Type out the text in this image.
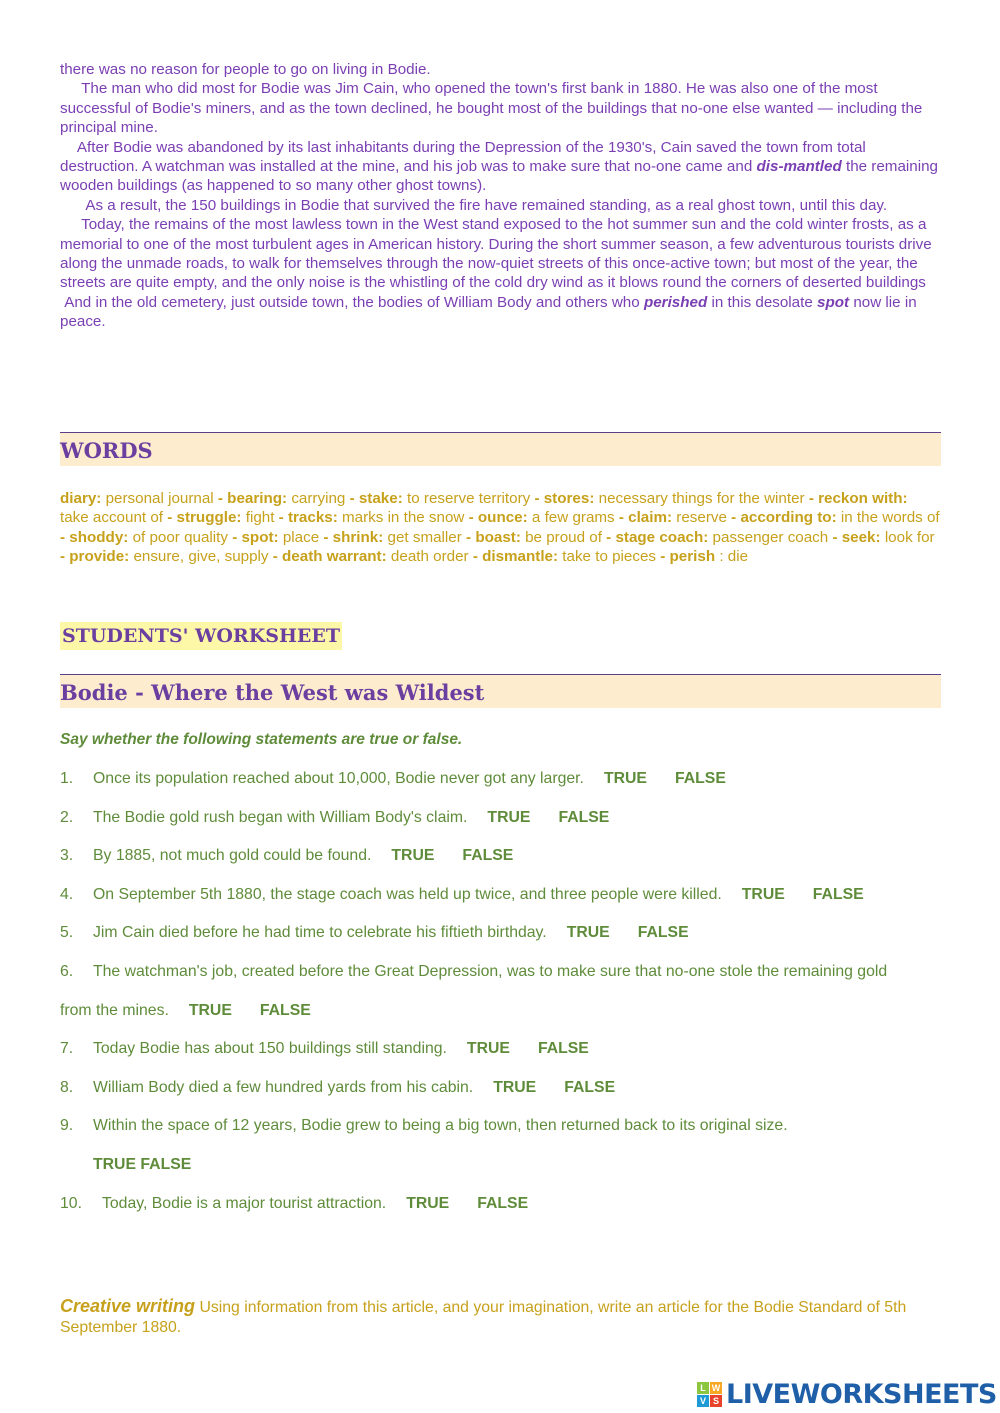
there was no reason for people to go on living in Bodie.

The man who did most for Bodie was Jim Cain, who opened the town's first bank in 1880. He was also one of the most successful of Bodie's miners, and as the town declined, he bought most of the buildings that no-one else wanted — including the principal mine.

After Bodie was abandoned by its last inhabitants during the Depression of the 1930's, Cain saved the town from total destruction. A watchman was installed at the mine, and his job was to make sure that no-one came and dis-mantled the remaining wooden buildings (as happened to so many other ghost towns).

As a result, the 150 buildings in Bodie that survived the fire have remained standing, as a real ghost town, until this day.

Today, the remains of the most lawless town in the West stand exposed to the hot summer sun and the cold winter frosts, as a memorial to one of the most turbulent ages in American history. During the short summer season, a few adventurous tourists drive along the unmade roads, to walk for themselves through the now-quiet streets of this once-active town; but most of the year, the streets are quite empty, and the only noise is the whistling of the cold dry wind as it blows round the corners of deserted buildings

And in the old cemetery, just outside town, the bodies of William Body and others who perished in this desolate spot now lie in peace.

WORDS
diary: personal journal - bearing: carrying - stake: to reserve territory - stores: necessary things for the winter - reckon with: take account of - struggle: fight - tracks: marks in the snow - ounce: a few grams - claim: reserve - according to: in the words of - shoddy: of poor quality - spot: place - shrink: get smaller - boast: be proud of - stage coach: passenger coach - seek: look for - provide: ensure, give, supply - death warrant: death order - dismantle: take to pieces - perish : die
STUDENTS' WORKSHEET
Bodie - Where the West was Wildest
Say whether the following statements are true or false.
1. Once its population reached about 10,000, Bodie never got any larger. TRUE FALSE
2. The Bodie gold rush began with William Body's claim. TRUE FALSE
3. By 1885, not much gold could be found. TRUE FALSE
4. On September 5th 1880, the stage coach was held up twice, and three people were killed. TRUE FALSE
5. Jim Cain died before he had time to celebrate his fiftieth birthday. TRUE FALSE
6. The watchman's job, created before the Great Depression, was to make sure that no-one stole the remaining gold
from the mines. TRUE FALSE
7. Today Bodie has about 150 buildings still standing. TRUE FALSE
8. William Body died a few hundred yards from his cabin. TRUE FALSE
9. Within the space of 12 years, Bodie grew to being a big town, then returned back to its original size.
TRUE FALSE
10. Today, Bodie is a major tourist attraction. TRUE FALSE
Creative writing Using information from this article, and your imagination, write an article for the Bodie Standard of 5th September 1880.
L W
V S LIVEWORKSHEETS
